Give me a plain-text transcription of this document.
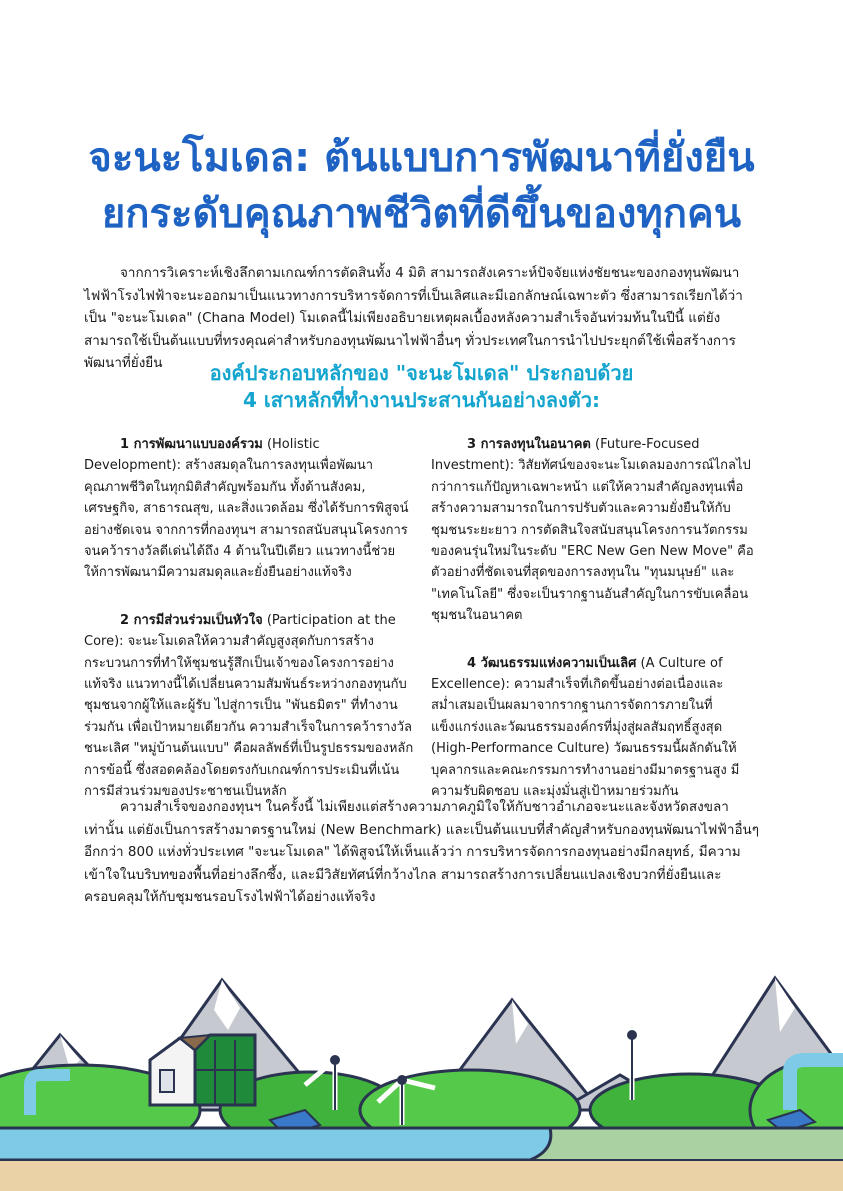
จะนะโมเดล: ต้นแบบการพัฒนาที่ยั่งยืน
ยกระดับคุณภาพชีวิตที่ดีขึ้นของทุกคน

จากการวิเคราะห์เชิงลึกตามเกณฑ์การตัดสินทั้ง 4 มิติ สามารถสังเคราะห์ปัจจัยแห่งชัยชนะของกองทุนพัฒนาไฟฟ้าโรงไฟฟ้าจะนะออกมาเป็นแนวทางการบริหารจัดการที่เป็นเลิศและมีเอกลักษณ์เฉพาะตัว ซึ่งสามารถเรียกได้ว่าเป็น "จะนะโมเดล" (Chana Model) โมเดลนี้ไม่เพียงอธิบายเหตุผลเบื้องหลังความสำเร็จอันท่วมท้นในปีนี้ แต่ยังสามารถใช้เป็นต้นแบบที่ทรงคุณค่าสำหรับกองทุนพัฒนาไฟฟ้าอื่นๆ ทั่วประเทศในการนำไปประยุกต์ใช้เพื่อสร้างการพัฒนาที่ยั่งยืน	องค์ประกอบหลักของ "จะนะโมเดล" ประกอบด้วย
4 เสาหลักที่ทำงานประสานกันอย่างลงตัว:

1 การพัฒนาแบบองค์รวม (Holistic Development): สร้างสมดุลในการลงทุนเพื่อพัฒนาคุณภาพชีวิตในทุกมิติสำคัญพร้อมกัน ทั้งด้านสังคม, เศรษฐกิจ, สาธารณสุข, และสิ่งแวดล้อม ซึ่งได้รับการพิสูจน์อย่างชัดเจน จากการที่กองทุนฯ สามารถสนับสนุนโครงการจนคว้ารางวัลดีเด่นได้ถึง 4 ด้านในปีเดียว แนวทางนี้ช่วยให้การพัฒนามีความสมดุลและยั่งยืนอย่างแท้จริง

2 การมีส่วนร่วมเป็นหัวใจ (Participation at the Core): จะนะโมเดลให้ความสำคัญสูงสุดกับการสร้างกระบวนการที่ทำให้ชุมชนรู้สึกเป็นเจ้าของโครงการอย่างแท้จริง แนวทางนี้ได้เปลี่ยนความสัมพันธ์ระหว่างกองทุนกับชุมชนจากผู้ให้และผู้รับ ไปสู่การเป็น "พันธมิตร" ที่ทำงานร่วมกัน เพื่อเป้าหมายเดียวกัน ความสำเร็จในการคว้ารางวัลชนะเลิศ "หมู่บ้านต้นแบบ" คือผลลัพธ์ที่เป็นรูปธรรมของหลักการข้อนี้ ซึ่งสอดคล้องโดยตรงกับเกณฑ์การประเมินที่เน้นการมีส่วนร่วมของประชาชนเป็นหลัก

3 การลงทุนในอนาคต (Future-Focused Investment): วิสัยทัศน์ของจะนะโมเดลมองการณ์ไกลไปกว่าการแก้ปัญหาเฉพาะหน้า แต่ให้ความสำคัญลงทุนเพื่อสร้างความสามารถในการปรับตัวและความยั่งยืนให้กับชุมชนระยะยาว การตัดสินใจสนับสนุนโครงการนวัตกรรมของคนรุ่นใหม่ในระดับ "ERC New Gen New Move" คือตัวอย่างที่ชัดเจนที่สุดของการลงทุนใน "ทุนมนุษย์" และ "เทคโนโลยี" ซึ่งจะเป็นรากฐานอันสำคัญในการขับเคลื่อนชุมชนในอนาคต

4 วัฒนธรรมแห่งความเป็นเลิศ (A Culture of Excellence): ความสำเร็จที่เกิดขึ้นอย่างต่อเนื่องและสม่ำเสมอเป็นผลมาจากรากฐานการจัดการภายในที่แข็งแกร่งและวัฒนธรรมองค์กรที่มุ่งสู่ผลสัมฤทธิ์สูงสุด (High-Performance Culture) วัฒนธรรมนี้ผลักดันให้บุคลากรและคณะกรรมการทำงานอย่างมีมาตรฐานสูง มีความรับผิดชอบ และมุ่งมั่นสู่เป้าหมายร่วมกัน

ความสำเร็จของกองทุนฯ ในครั้งนี้ ไม่เพียงแต่สร้างความภาคภูมิใจให้กับชาวอำเภอจะนะและจังหวัดสงขลาเท่านั้น แต่ยังเป็นการสร้างมาตรฐานใหม่ (New Benchmark) และเป็นต้นแบบที่สำคัญสำหรับกองทุนพัฒนาไฟฟ้าอื่นๆ อีกกว่า 800 แห่งทั่วประเทศ "จะนะโมเดล" ได้พิสูจน์ให้เห็นแล้วว่า การบริหารจัดการกองทุนอย่างมีกลยุทธ์, มีความเข้าใจในบริบทของพื้นที่อย่างลึกซึ้ง, และมีวิสัยทัศน์ที่กว้างไกล สามารถสร้างการเปลี่ยนแปลงเชิงบวกที่ยั่งยืนและครอบคลุมให้กับชุมชนรอบโรงไฟฟ้าได้อย่างแท้จริง
